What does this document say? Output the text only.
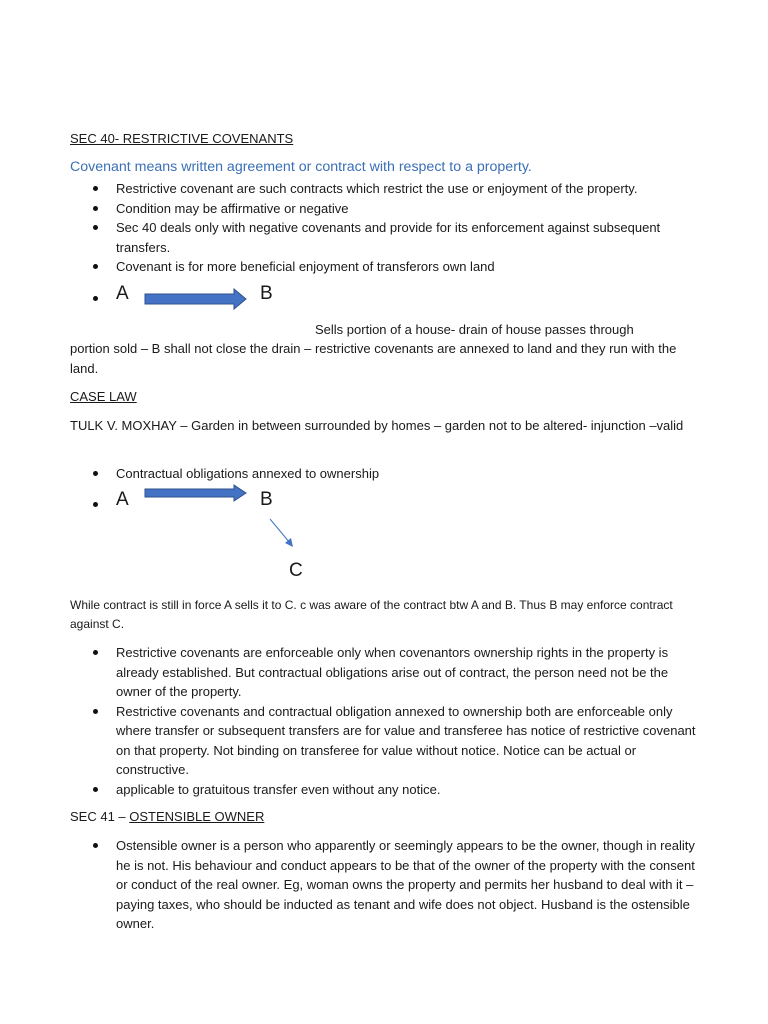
SEC 40- RESTRICTIVE COVENANTS
Covenant means written agreement or contract with respect to a property.
Restrictive covenant are such contracts which restrict the use or enjoyment of the property.
Condition may be affirmative or negative
Sec 40 deals only with negative covenants and provide for its enforcement against subsequent transfers.
Covenant is for more beneficial enjoyment of transferors own land
A	B
Sells portion of a house- drain of house passes through
portion sold – B shall not close the drain – restrictive covenants are annexed to land and they run with the land.
CASE LAW
TULK V. MOXHAY – Garden in between surrounded by homes – garden not to be altered- injunction –valid
Contractual obligations annexed to ownership
A	B
C
While contract is still in force A sells it to C. c was aware of the contract btw A and B. Thus B may enforce contract against C.
Restrictive covenants are enforceable only when covenantors ownership rights in the property is already established. But contractual obligations arise out of contract, the person need not be the owner of the property.
Restrictive covenants and contractual obligation annexed to ownership both are enforceable only where transfer or subsequent transfers are for value and transferee has notice of restrictive covenant on that property. Not binding on transferee for value without notice. Notice can be actual or constructive.
applicable to gratuitous transfer even without any notice.
SEC 41 – OSTENSIBLE OWNER
Ostensible owner is a person who apparently or seemingly appears to be the owner, though in reality he is not. His behaviour and conduct appears to be that of the owner of the property with the consent or conduct of the real owner. Eg, woman owns the property and permits her husband to deal with it – paying taxes, who should be inducted as tenant and wife does not object. Husband is the ostensible owner.
